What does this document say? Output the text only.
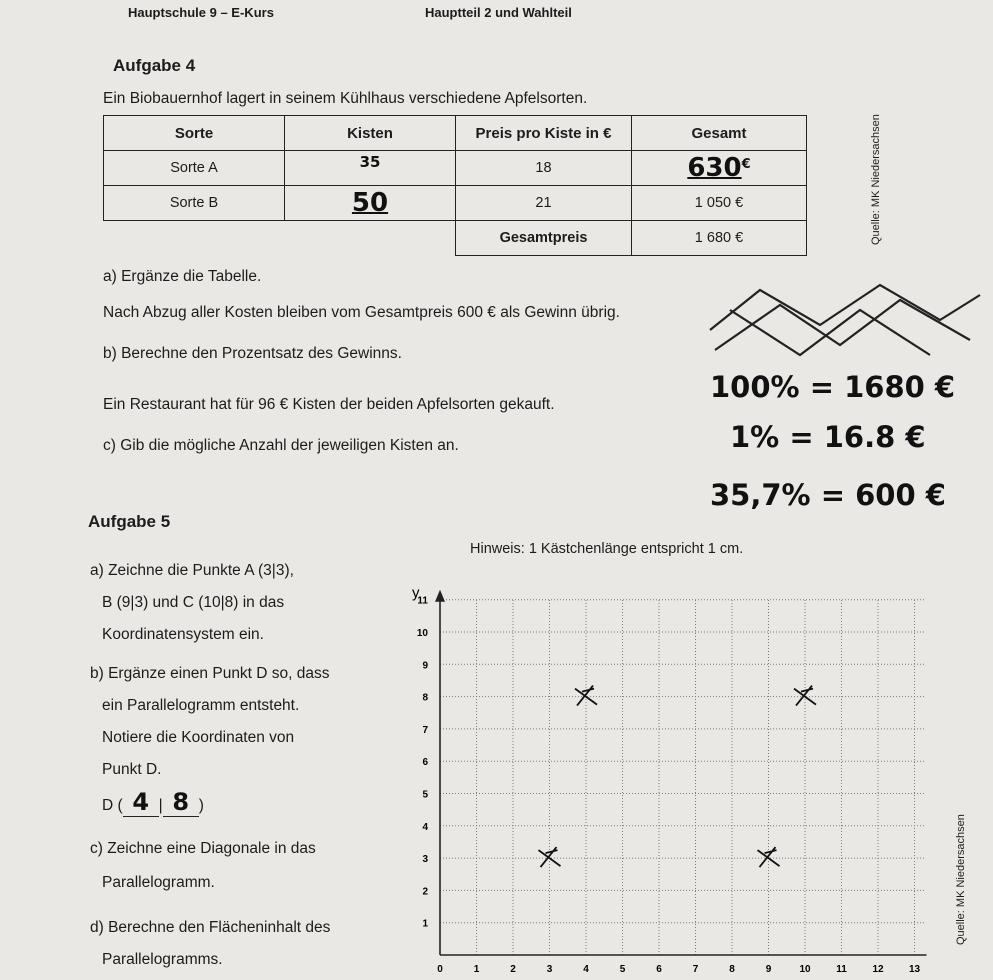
Hauptschule 9 – E-Kurs	Hauptteil 2 und Wahlteil
Aufgabe 4
Ein Biobauernhof lagert in seinem Kühlhaus verschiedene Apfelsorten.
Sorte	Kisten	Preis pro Kiste in €	Gesamt
Sorte A	35	18	630€
Sorte B	50	21	1 050 €
		Gesamtpreis	1 680 €	Quelle: MK Niedersachsen
a) Ergänze die Tabelle.
Nach Abzug aller Kosten bleiben vom Gesamtpreis 600 € als Gewinn übrig.
b) Berechne den Prozentsatz des Gewinns.
Ein Restaurant hat für 96 € Kisten der beiden Apfelsorten gekauft.
c) Gib die mögliche Anzahl der jeweiligen Kisten an.
100% = 1680 €
1% = 16.8 €
35,7% = 600 €
Aufgabe 5
a) Zeichne die Punkte A (3|3),
B (9|3) und C (10|8) in das
Koordinatensystem ein.
b) Ergänze einen Punkt D so, dass
ein Parallelogramm entsteht.
Notiere die Koordinaten von
Punkt D.
D ( 4 | 8 )
c) Zeichne eine Diagonale in das
Parallelogramm.
d) Berechne den Flächeninhalt des
Parallelogramms.
Hinweis: 1 Kästchenlänge entspricht 1 cm.
Quelle: MK Niedersachsen
y
0	1	2	3	4	5	6	7	8	9	10	11	12	13
1
2
3
4
5
6
7
8
9
10
11
